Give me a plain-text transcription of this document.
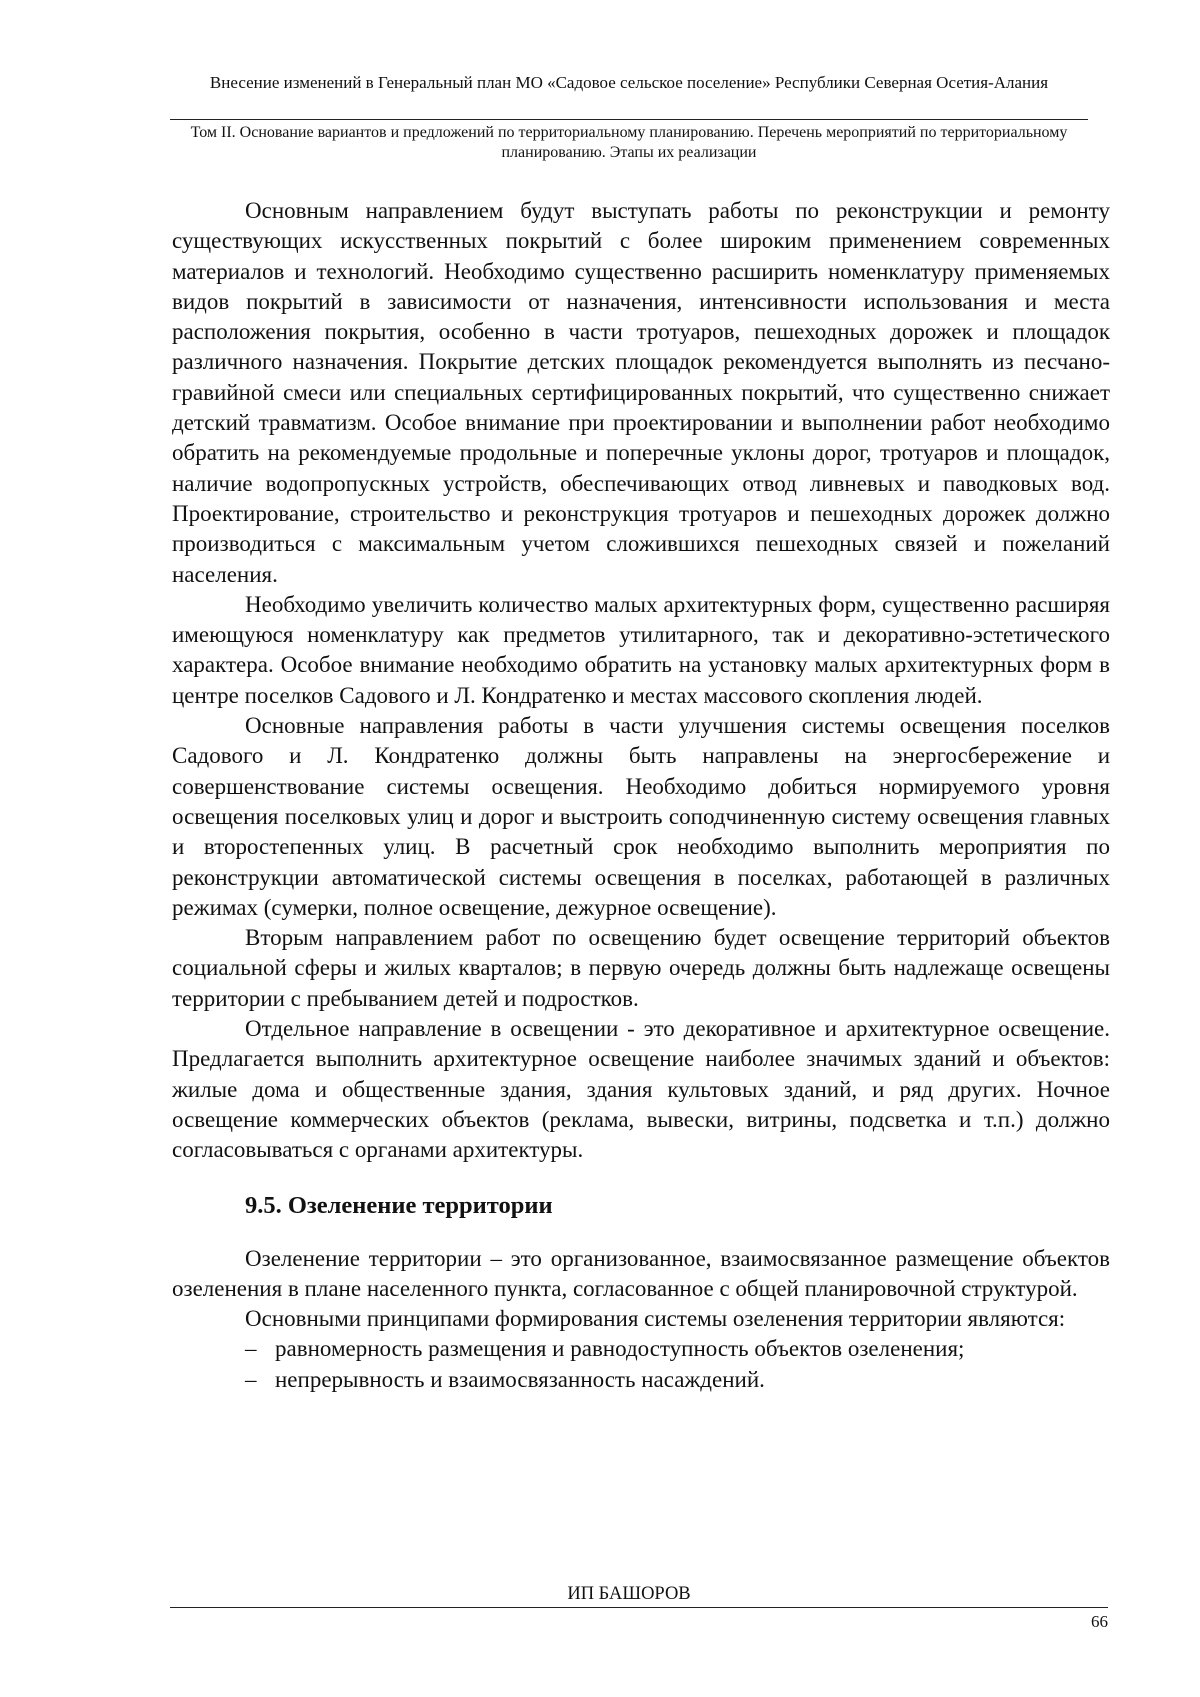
Внесение изменений в Генеральный план МО «Садовое сельское поселение» Республики Северная Осетия-Алания
Том II. Основание вариантов и предложений по территориальному планированию. Перечень мероприятий по территориальному планированию. Этапы их реализации

Основным направлением будут выступать работы по реконструкции и ремонту существующих искусственных покрытий с более широким применением современных материалов и технологий. Необходимо существенно расширить номенклатуру применяемых видов покрытий в зависимости от назначения, интенсивности использования и места расположения покрытия, особенно в части тротуаров, пешеходных дорожек и площадок различного назначения. Покрытие детских площадок рекомендуется выполнять из песчано-гравийной смеси или специальных сертифицированных покрытий, что существенно снижает детский травматизм. Особое внимание при проектировании и выполнении работ необходимо обратить на рекомендуемые продольные и поперечные уклоны дорог, тротуаров и площадок, наличие водопропускных устройств, обеспечивающих отвод ливневых и паводковых вод. Проектирование, строительство и реконструкция тротуаров и пешеходных дорожек должно производиться с максимальным учетом сложившихся пешеходных связей и пожеланий населения.

Необходимо увеличить количество малых архитектурных форм, существенно расширяя имеющуюся номенклатуру как предметов утилитарного, так и декоративно-эстетического характера. Особое внимание необходимо обратить на установку малых архитектурных форм в центре поселков Садового и Л. Кондратенко и местах массового скопления людей.

Основные направления работы в части улучшения системы освещения поселков Садового и Л. Кондратенко должны быть направлены на энергосбережение и совершенствование системы освещения. Необходимо добиться нормируемого уровня освещения поселковых улиц и дорог и выстроить соподчиненную систему освещения главных и второстепенных улиц. В расчетный срок необходимо выполнить мероприятия по реконструкции автоматической системы освещения в поселках, работающей в различных режимах (сумерки, полное освещение, дежурное освещение).

Вторым направлением работ по освещению будет освещение территорий объектов социальной сферы и жилых кварталов; в первую очередь должны быть надлежаще освещены территории с пребыванием детей и подростков.

Отдельное направление в освещении - это декоративное и архитектурное освещение. Предлагается выполнить архитектурное освещение наиболее значимых зданий и объектов: жилые дома и общественные здания, здания культовых зданий, и ряд других. Ночное освещение коммерческих объектов (реклама, вывески, витрины, подсветка и т.п.) должно согласовываться с органами архитектуры.

9.5. Озеленение территории

Озеленение территории – это организованное, взаимосвязанное размещение объектов озеленения в плане населенного пункта, согласованное с общей планировочной структурой.

Основными принципами формирования системы озеленения территории являются:

– равномерность размещения и равнодоступность объектов озеленения;
– непрерывность и взаимосвязанность насаждений.
ИП БАШОРОВ
66
